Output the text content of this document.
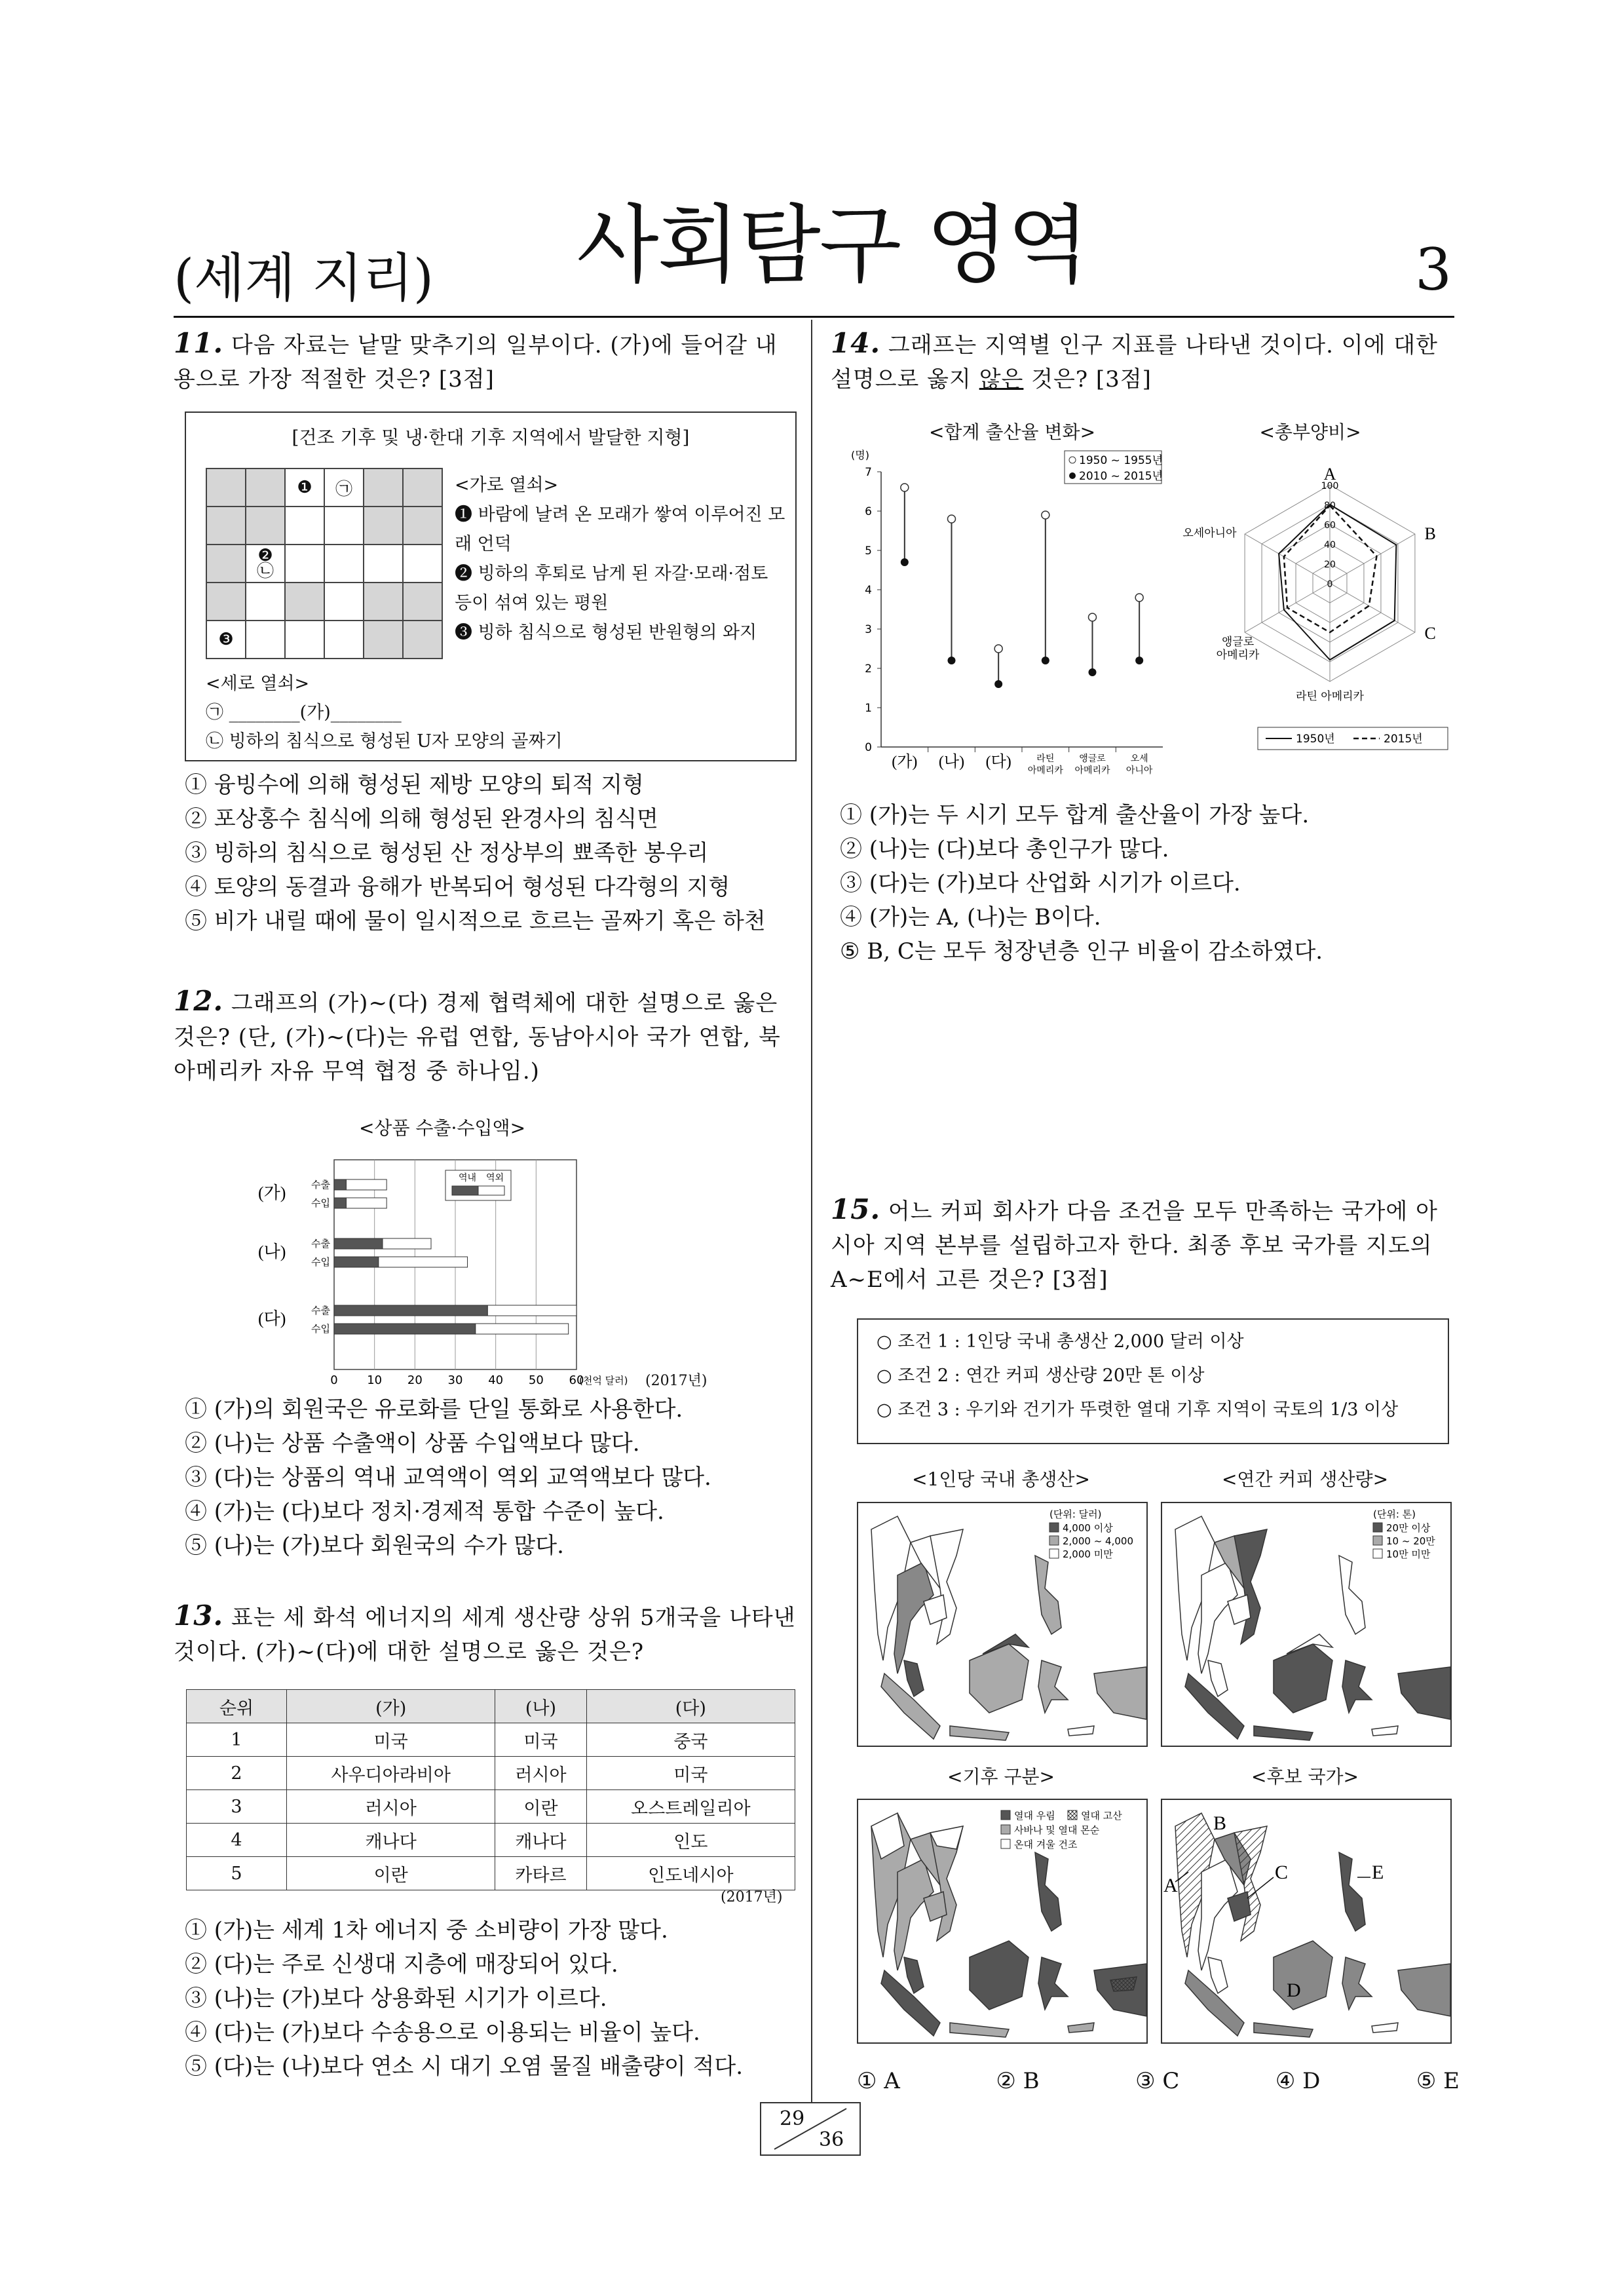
사회탐구 영역
(세계 지리)	3
11. 다음 자료는 낱말 맞추기의 일부이다. (가)에 들어갈 내용으로 가장 적절한 것은? [3점]
[건조 기후 및 냉·한대 기후 지역에서 발달한 지형]
		❶	㉠		

	❷
㉡				

❸					
<가로 열쇠>
❶ 바람에 날려 온 모래가 쌓여 이루어진 모래 언덕
❷ 빙하의 후퇴로 남게 된 자갈·모래·점토 등이 섞여 있는 평원
❸ 빙하 침식으로 형성된 반원형의 와지
<세로 열쇠>
㉠ ________(가)________
㉡ 빙하의 침식으로 형성된 U자 모양의 골짜기
① 융빙수에 의해 형성된 제방 모양의 퇴적 지형
② 포상홍수 침식에 의해 형성된 완경사의 침식면
③ 빙하의 침식으로 형성된 산 정상부의 뾰족한 봉우리
④ 토양의 동결과 융해가 반복되어 형성된 다각형의 지형
⑤ 비가 내릴 때에 물이 일시적으로 흐르는 골짜기 혹은 하천
12. 그래프의 (가)~(다) 경제 협력체에 대한 설명으로 옳은 것은? (단, (가)~(다)는 유럽 연합, 동남아시아 국가 연합, 북아메리카 자유 무역 협정 중 하나임.)
<상품 수출·수입액>
0 10 20 30 40 50 60
(천억 달러)
(가)
(나)
(다)
수출
수입
수출
수입
수출
수입
역내 역외
(2017년)
① (가)의 회원국은 유로화를 단일 통화로 사용한다.
② (나)는 상품 수출액이 상품 수입액보다 많다.
③ (다)는 상품의 역내 교역액이 역외 교역액보다 많다.
④ (가)는 (다)보다 정치·경제적 통합 수준이 높다.
⑤ (나)는 (가)보다 회원국의 수가 많다.
13. 표는 세 화석 에너지의 세계 생산량 상위 5개국을 나타낸 것이다. (가)~(다)에 대한 설명으로 옳은 것은?
순위	(가)	(나)	(다)
1	미국	미국	중국
2	사우디아라비아	러시아	미국
3	러시아	이란	오스트레일리아
4	캐나다	캐나다	인도
5	이란	카타르	인도네시아
(2017년)
① (가)는 세계 1차 에너지 중 소비량이 가장 많다.
② (다)는 주로 신생대 지층에 매장되어 있다.
③ (나)는 (가)보다 상용화된 시기가 이르다.
④ (다)는 (가)보다 수송용으로 이용되는 비율이 높다.
⑤ (다)는 (나)보다 연소 시 대기 오염 물질 배출량이 적다.
14. 그래프는 지역별 인구 지표를 나타낸 것이다. 이에 대한 설명으로 옳지 않은 것은? [3점]
<합계 출산율 변화>	<총부양비>
(명)
0
1
2
3
4
5
6
7
(가) (나) (다)	라틴
아메리카
앵글로
아메리카
오세
아니아
1950 ~ 1955년
2010 ~ 2015년
100
80
60
40
20
0
A
B
C
라틴 아메리카
앵글로
아메리카
오세아니아
1950년	2015년
① (가)는 두 시기 모두 합계 출산율이 가장 높다.
② (나)는 (다)보다 총인구가 많다.
③ (다)는 (가)보다 산업화 시기가 이르다.
④ (가)는 A, (나)는 B이다.
⑤ B, C는 모두 청장년층 인구 비율이 감소하였다.
15. 어느 커피 회사가 다음 조건을 모두 만족하는 국가에 아시아 지역 본부를 설립하고자 한다. 최종 후보 국가를 지도의 A~E에서 고른 것은? [3점]
○ 조건 1 : 1인당 국내 총생산 2,000 달러 이상
○ 조건 2 : 연간 커피 생산량 20만 톤 이상
○ 조건 3 : 우기와 건기가 뚜렷한 열대 기후 지역이 국토의 1/3 이상
<1인당 국내 총생산>	<연간 커피 생산량>
<기후 구분>	<후보 국가>
(단위: 달러)
4,000 이상
2,000 ~ 4,000
2,000 미만
(단위: 톤)
20만 이상
10 ~ 20만
10만 미만
열대 우림	열대 고산
사바나 및 열대 몬순
온대 겨울 건조
A
B
C
D
E
① A	② B	③ C	④ D	⑤ E
29
36
